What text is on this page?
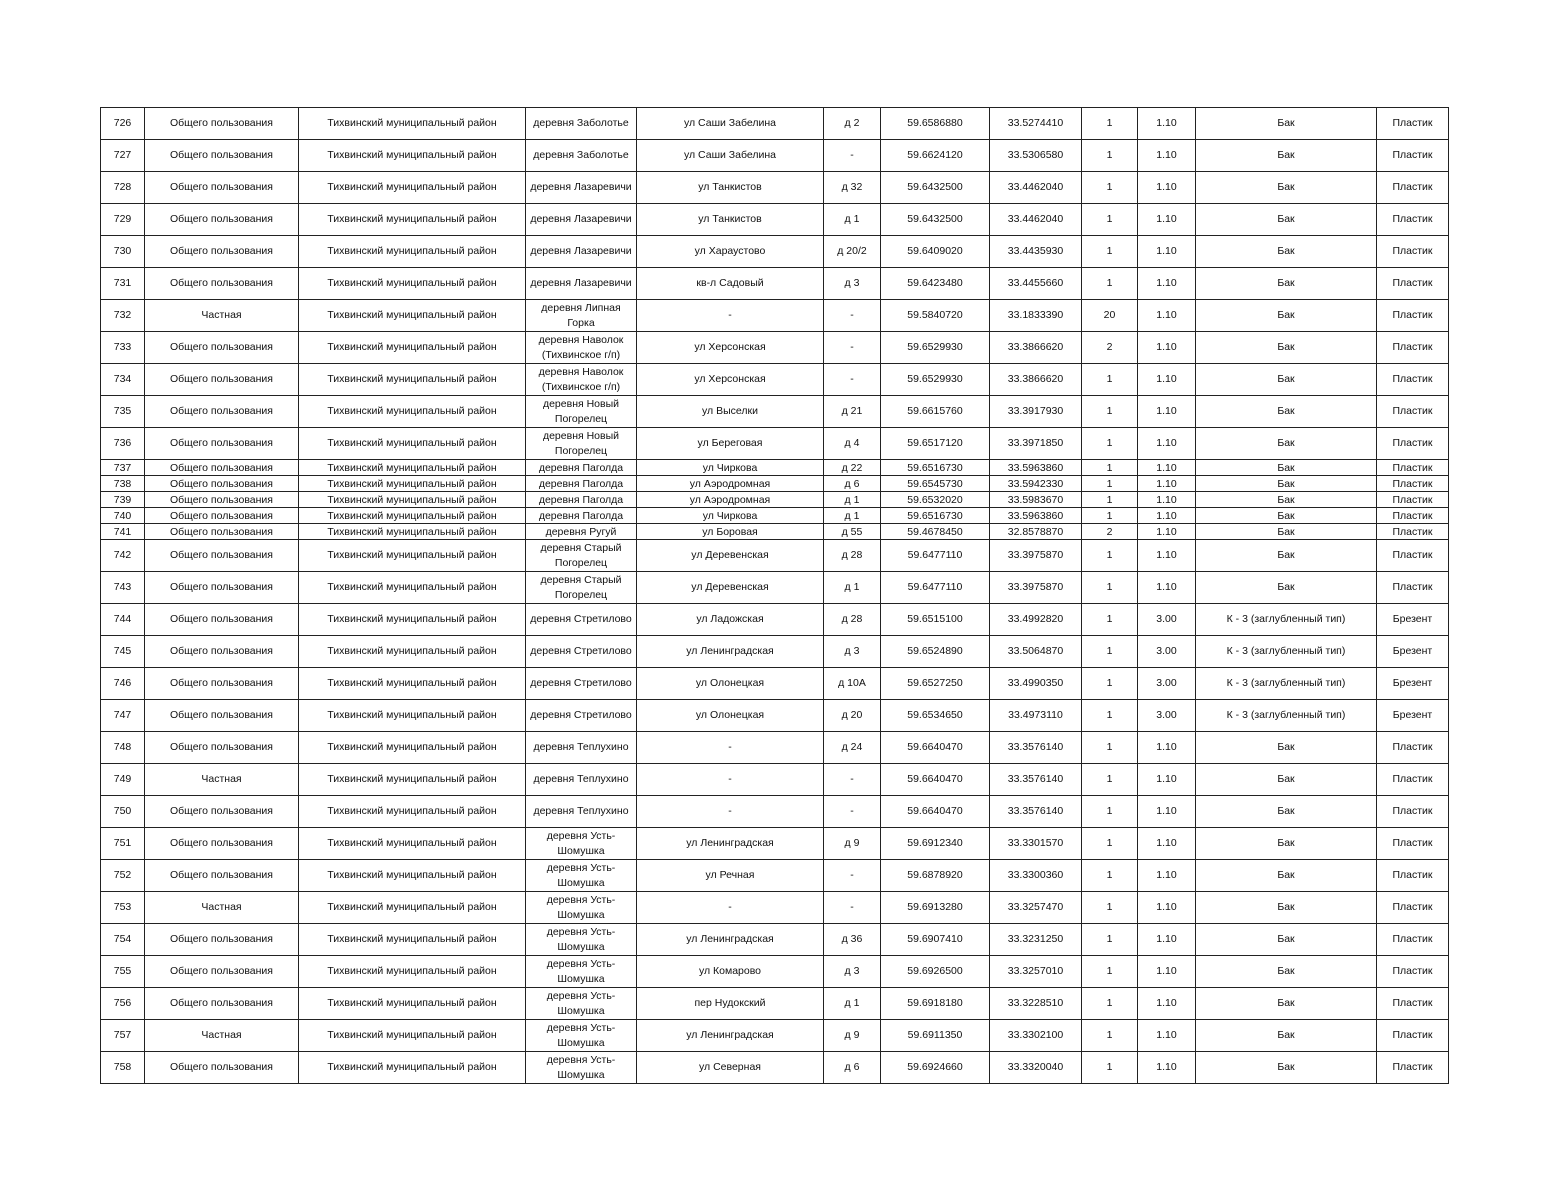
726	Общего пользования	Тихвинский муниципальный район	деревня Заболотье	ул Саши Забелина	д 2	59.6586880	33.5274410	1	1.10	Бак	Пластик
727	Общего пользования	Тихвинский муниципальный район	деревня Заболотье	ул Саши Забелина	-	59.6624120	33.5306580	1	1.10	Бак	Пластик
728	Общего пользования	Тихвинский муниципальный район	деревня Лазаревичи	ул Танкистов	д 32	59.6432500	33.4462040	1	1.10	Бак	Пластик
729	Общего пользования	Тихвинский муниципальный район	деревня Лазаревичи	ул Танкистов	д 1	59.6432500	33.4462040	1	1.10	Бак	Пластик
730	Общего пользования	Тихвинский муниципальный район	деревня Лазаревичи	ул Хараустово	д 20/2	59.6409020	33.4435930	1	1.10	Бак	Пластик
731	Общего пользования	Тихвинский муниципальный район	деревня Лазаревичи	кв-л Садовый	д 3	59.6423480	33.4455660	1	1.10	Бак	Пластик
732	Частная	Тихвинский муниципальный район	деревня Липная Горка	-	-	59.5840720	33.1833390	20	1.10	Бак	Пластик
733	Общего пользования	Тихвинский муниципальный район	деревня Наволок (Тихвинское г/п)	ул Херсонская	-	59.6529930	33.3866620	2	1.10	Бак	Пластик
734	Общего пользования	Тихвинский муниципальный район	деревня Наволок (Тихвинское г/п)	ул Херсонская	-	59.6529930	33.3866620	1	1.10	Бак	Пластик
735	Общего пользования	Тихвинский муниципальный район	деревня Новый Погорелец	ул Выселки	д 21	59.6615760	33.3917930	1	1.10	Бак	Пластик
736	Общего пользования	Тихвинский муниципальный район	деревня Новый Погорелец	ул Береговая	д 4	59.6517120	33.3971850	1	1.10	Бак	Пластик
737	Общего пользования	Тихвинский муниципальный район	деревня Паголда	ул Чиркова	д 22	59.6516730	33.5963860	1	1.10	Бак	Пластик
738	Общего пользования	Тихвинский муниципальный район	деревня Паголда	ул Аэродромная	д 6	59.6545730	33.5942330	1	1.10	Бак	Пластик
739	Общего пользования	Тихвинский муниципальный район	деревня Паголда	ул Аэродромная	д 1	59.6532020	33.5983670	1	1.10	Бак	Пластик
740	Общего пользования	Тихвинский муниципальный район	деревня Паголда	ул Чиркова	д 1	59.6516730	33.5963860	1	1.10	Бак	Пластик
741	Общего пользования	Тихвинский муниципальный район	деревня Ругуй	ул Боровая	д 55	59.4678450	32.8578870	2	1.10	Бак	Пластик
742	Общего пользования	Тихвинский муниципальный район	деревня Старый Погорелец	ул Деревенская	д 28	59.6477110	33.3975870	1	1.10	Бак	Пластик
743	Общего пользования	Тихвинский муниципальный район	деревня Старый Погорелец	ул Деревенская	д 1	59.6477110	33.3975870	1	1.10	Бак	Пластик
744	Общего пользования	Тихвинский муниципальный район	деревня Стретилово	ул Ладожская	д 28	59.6515100	33.4992820	1	3.00	К - 3 (заглубленный тип)	Брезент
745	Общего пользования	Тихвинский муниципальный район	деревня Стретилово	ул Ленинградская	д 3	59.6524890	33.5064870	1	3.00	К - 3 (заглубленный тип)	Брезент
746	Общего пользования	Тихвинский муниципальный район	деревня Стретилово	ул Олонецкая	д 10А	59.6527250	33.4990350	1	3.00	К - 3 (заглубленный тип)	Брезент
747	Общего пользования	Тихвинский муниципальный район	деревня Стретилово	ул Олонецкая	д 20	59.6534650	33.4973110	1	3.00	К - 3 (заглубленный тип)	Брезент
748	Общего пользования	Тихвинский муниципальный район	деревня Теплухино	-	д 24	59.6640470	33.3576140	1	1.10	Бак	Пластик
749	Частная	Тихвинский муниципальный район	деревня Теплухино	-	-	59.6640470	33.3576140	1	1.10	Бак	Пластик
750	Общего пользования	Тихвинский муниципальный район	деревня Теплухино	-	-	59.6640470	33.3576140	1	1.10	Бак	Пластик
751	Общего пользования	Тихвинский муниципальный район	деревня Усть-Шомушка	ул Ленинградская	д 9	59.6912340	33.3301570	1	1.10	Бак	Пластик
752	Общего пользования	Тихвинский муниципальный район	деревня Усть-Шомушка	ул Речная	-	59.6878920	33.3300360	1	1.10	Бак	Пластик
753	Частная	Тихвинский муниципальный район	деревня Усть-Шомушка	-	-	59.6913280	33.3257470	1	1.10	Бак	Пластик
754	Общего пользования	Тихвинский муниципальный район	деревня Усть-Шомушка	ул Ленинградская	д 36	59.6907410	33.3231250	1	1.10	Бак	Пластик
755	Общего пользования	Тихвинский муниципальный район	деревня Усть-Шомушка	ул Комарово	д 3	59.6926500	33.3257010	1	1.10	Бак	Пластик
756	Общего пользования	Тихвинский муниципальный район	деревня Усть-Шомушка	пер Нудокский	д 1	59.6918180	33.3228510	1	1.10	Бак	Пластик
757	Частная	Тихвинский муниципальный район	деревня Усть-Шомушка	ул Ленинградская	д 9	59.6911350	33.3302100	1	1.10	Бак	Пластик
758	Общего пользования	Тихвинский муниципальный район	деревня Усть-Шомушка	ул Северная	д 6	59.6924660	33.3320040	1	1.10	Бак	Пластик
